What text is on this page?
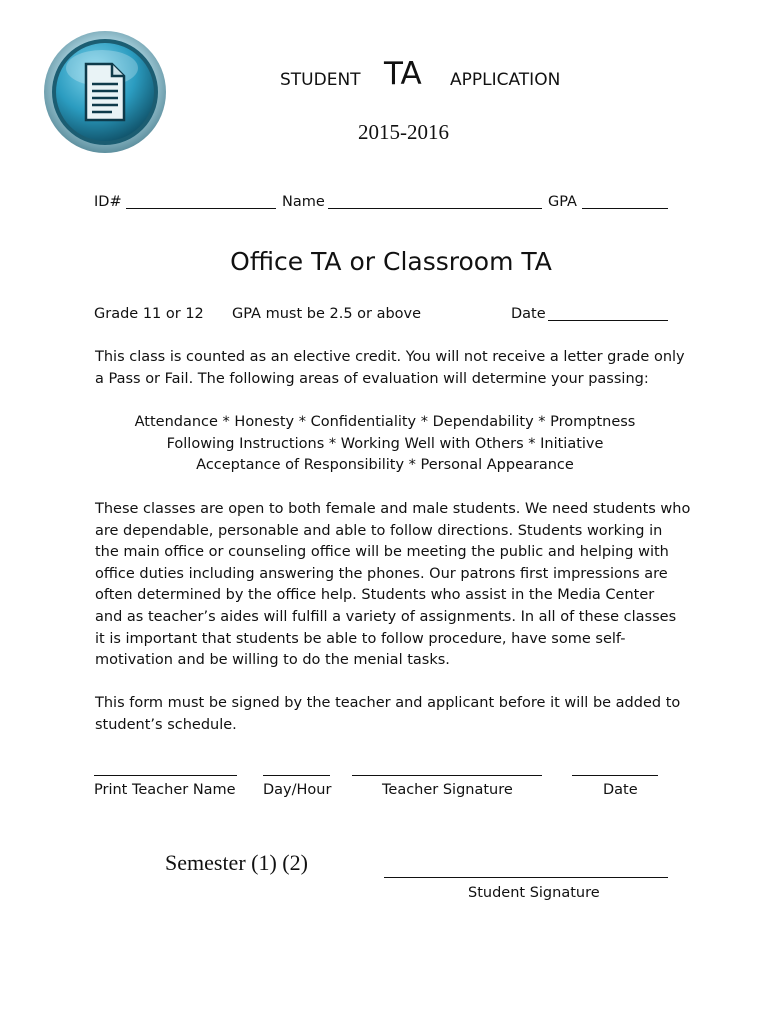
STUDENT TA APPLICATION
2015-2016
ID#	Name	GPA
Office TA or Classroom TA
Grade 11 or 12 GPA must be 2.5 or above	Date

This class is counted as an elective credit. You will not receive a letter grade only

a Pass or Fail. The following areas of evaluation will determine your passing:

Attendance * Honesty * Confidentiality * Dependability * Promptness
Following Instructions * Working Well with Others * Initiative
Acceptance of Responsibility * Personal Appearance

These classes are open to both female and male students. We need students who

are dependable, personable and able to follow directions. Students working in

the main office or counseling office will be meeting the public and helping with

office duties including answering the phones. Our patrons first impressions are

often determined by the office help. Students who assist in the Media Center

and as teacher’s aides will fulfill a variety of assignments. In all of these classes

it is important that students be able to follow procedure, have some self-

motivation and be willing to do the menial tasks.

This form must be signed by the teacher and applicant before it will be added to

student’s schedule.

Print Teacher Name Day/Hour	Teacher Signature	Date
Semester (1) (2)
Student Signature
